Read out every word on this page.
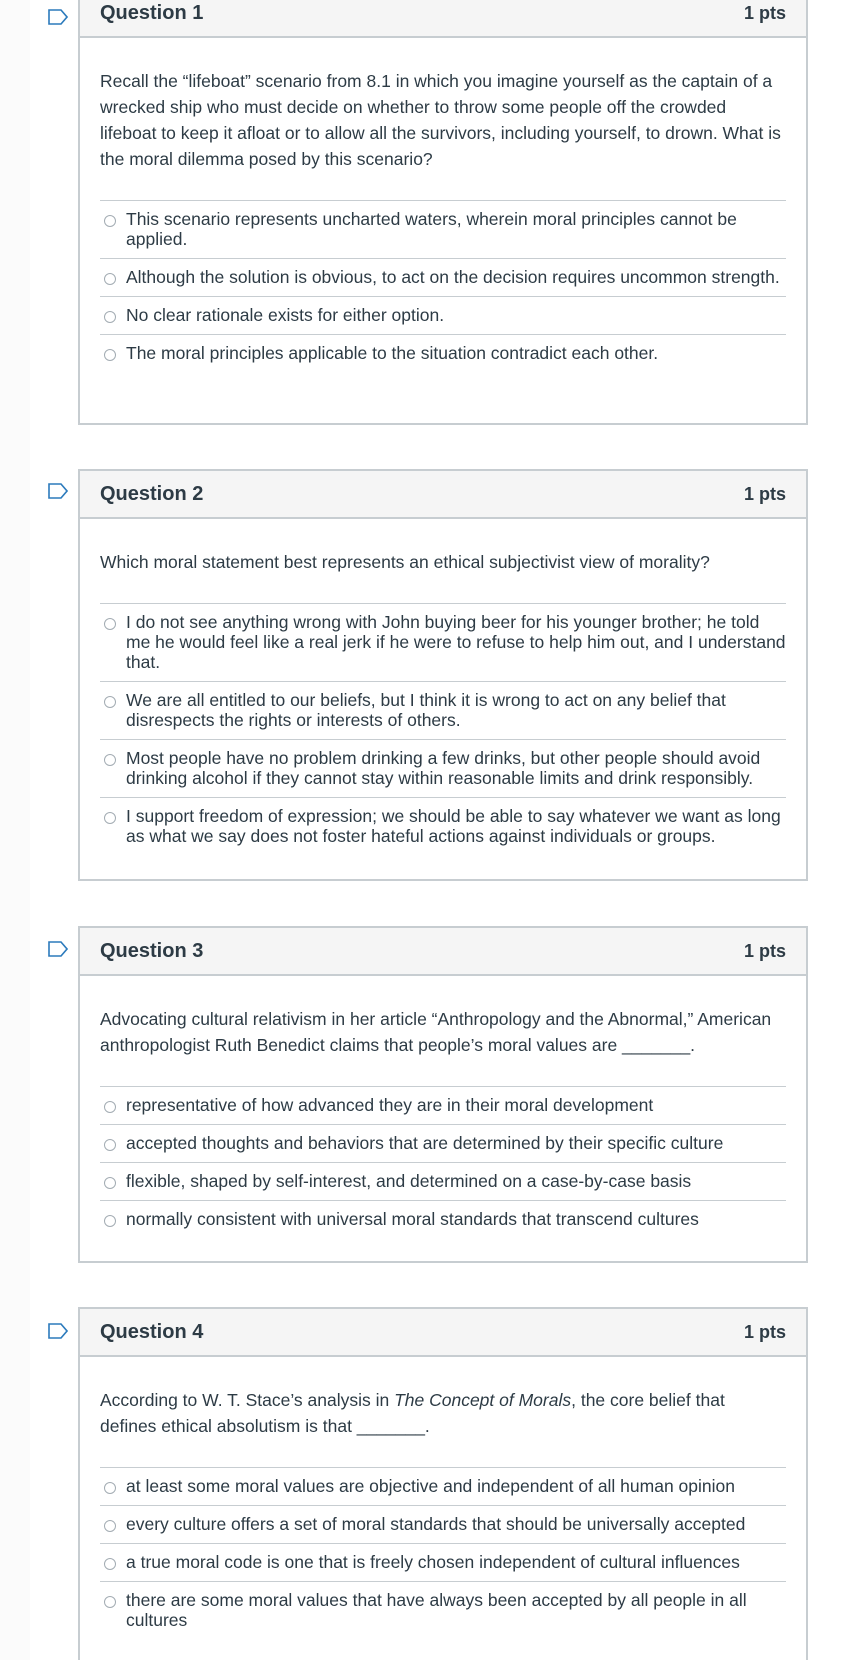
Question 1	1 pts

Recall the “lifeboat” scenario from 8.1 in which you imagine yourself as the captain of a wrecked ship who must decide on whether to throw some people off the crowded lifeboat to keep it afloat or to allow all the survivors, including yourself, to drown. What is the moral dilemma posed by this scenario?

This scenario represents uncharted waters, wherein moral principles cannot be applied.
Although the solution is obvious, to act on the decision requires uncommon strength.
No clear rationale exists for either option.
The moral principles applicable to the situation contradict each other.
Question 2	1 pts

Which moral statement best represents an ethical subjectivist view of morality?

I do not see anything wrong with John buying beer for his younger brother; he told me he would feel like a real jerk if he were to refuse to help him out, and I understand that.
We are all entitled to our beliefs, but I think it is wrong to act on any belief that disrespects the rights or interests of others.
Most people have no problem drinking a few drinks, but other people should avoid drinking alcohol if they cannot stay within reasonable limits and drink responsibly.
I support freedom of expression; we should be able to say whatever we want as long as what we say does not foster hateful actions against individuals or groups.
Question 3	1 pts

Advocating cultural relativism in her article “Anthropology and the Abnormal,” American anthropologist Ruth Benedict claims that people’s moral values are _______.

representative of how advanced they are in their moral development
accepted thoughts and behaviors that are determined by their specific culture
flexible, shaped by self-interest, and determined on a case-by-case basis
normally consistent with universal moral standards that transcend cultures
Question 4	1 pts

According to W. T. Stace’s analysis in The Concept of Morals, the core belief that defines ethical absolutism is that _______.

at least some moral values are objective and independent of all human opinion
every culture offers a set of moral standards that should be universally accepted
a true moral code is one that is freely chosen independent of cultural influences
there are some moral values that have always been accepted by all people in all cultures
